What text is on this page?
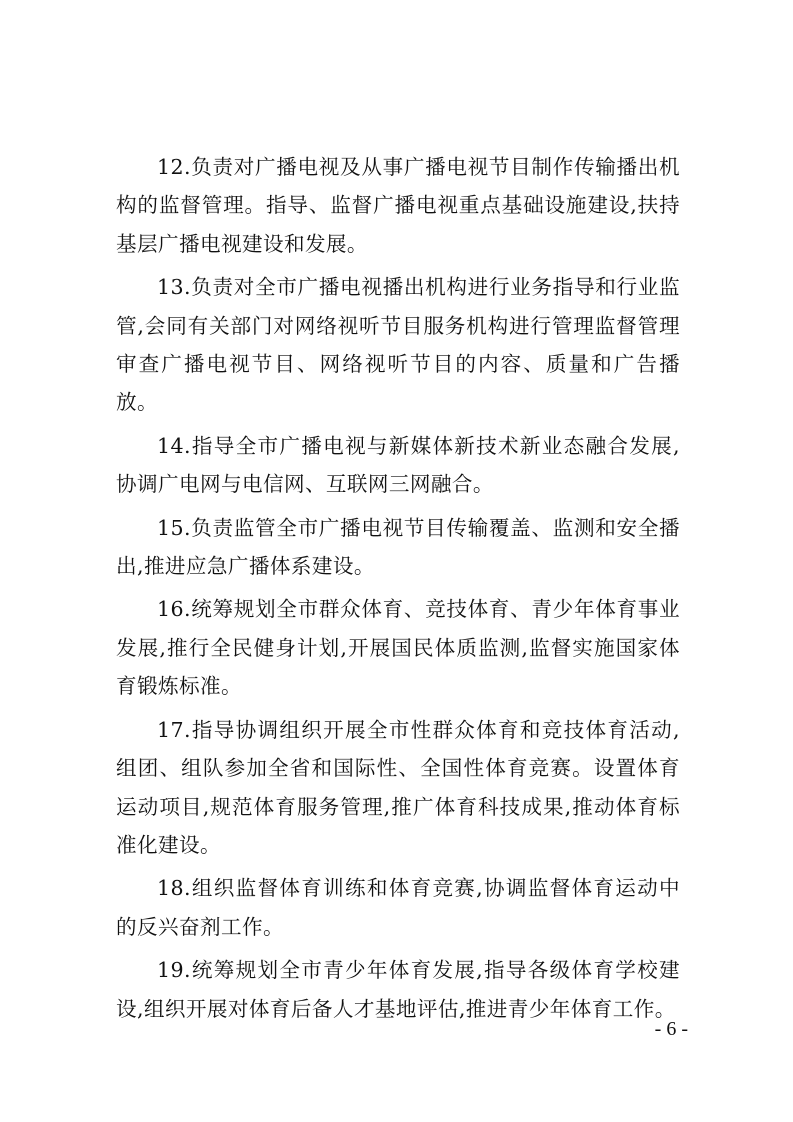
12.负责对广播电视及从事广播电视节目制作传输播出机构的监督管理。指导、监督广播电视重点基础设施建设,扶持基层广播电视建设和发展。

13.负责对全市广播电视播出机构进行业务指导和行业监管,会同有关部门对网络视听节目服务机构进行管理监督管理审查广播电视节目、网络视听节目的内容、质量和广告播放。

14.指导全市广播电视与新媒体新技术新业态融合发展,协调广电网与电信网、互联网三网融合。

15.负责监管全市广播电视节目传输覆盖、监测和安全播出,推进应急广播体系建设。

16.统筹规划全市群众体育、竞技体育、青少年体育事业发展,推行全民健身计划,开展国民体质监测,监督实施国家体育锻炼标准。

17.指导协调组织开展全市性群众体育和竞技体育活动,组团、组队参加全省和国际性、全国性体育竞赛。设置体育运动项目,规范体育服务管理,推广体育科技成果,推动体育标准化建设。

18.组织监督体育训练和体育竞赛,协调监督体育运动中的反兴奋剂工作。

19.统筹规划全市青少年体育发展,指导各级体育学校建设,组织开展对体育后备人才基地评估,推进青少年体育工作。

- 6 -
